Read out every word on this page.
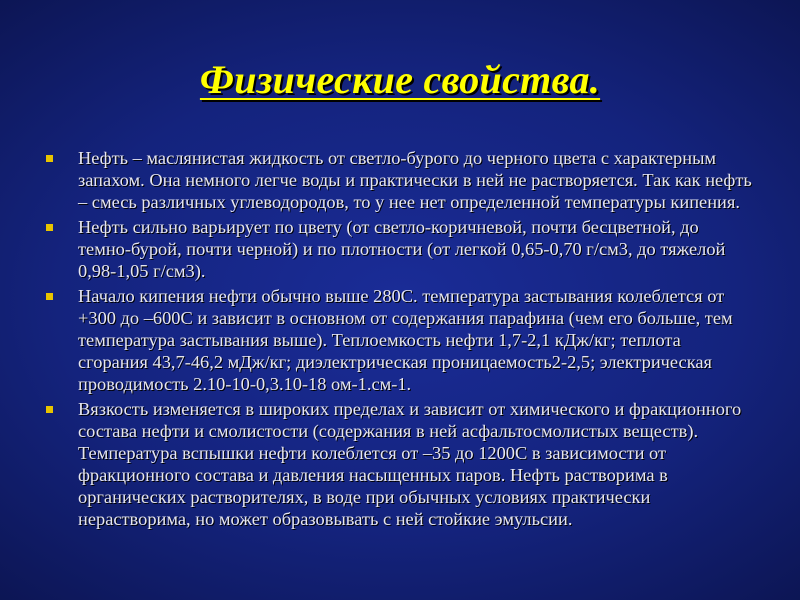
Физические свойства.
Нефть – маслянистая жидкость от светло-бурого до черного цвета с характерным запахом. Она немного легче воды и практически в ней не растворяется. Так как нефть – смесь различных углеводородов, то у нее нет определенной температуры кипения.
Нефть сильно варьирует по цвету (от светло-коричневой, почти бесцветной, до темно-бурой, почти черной) и по плотности (от легкой 0,65-0,70 г/см3, до тяжелой 0,98-1,05 г/см3).
Начало кипения нефти обычно выше 280С. температура застывания колеблется от +300 до –600С и зависит в основном от содержания парафина (чем его больше, тем температура застывания выше). Теплоемкость нефти 1,7-2,1 кДж/кг; теплота сгорания 43,7-46,2 мДж/кг; диэлектрическая проницаемость2-2,5; электрическая проводимость 2.10-10-0,3.10-18 ом-1.см-1.
Вязкость изменяется в широких пределах и зависит от химического и фракционного состава нефти и смолистости (содержания в ней асфальтосмолистых веществ). Температура вспышки нефти колеблется от –35 до 1200С в зависимости от фракционного состава и давления насыщенных паров. Нефть растворима в органических растворителях, в воде при обычных условиях практически нерастворима, но может образовывать с ней стойкие эмульсии.
